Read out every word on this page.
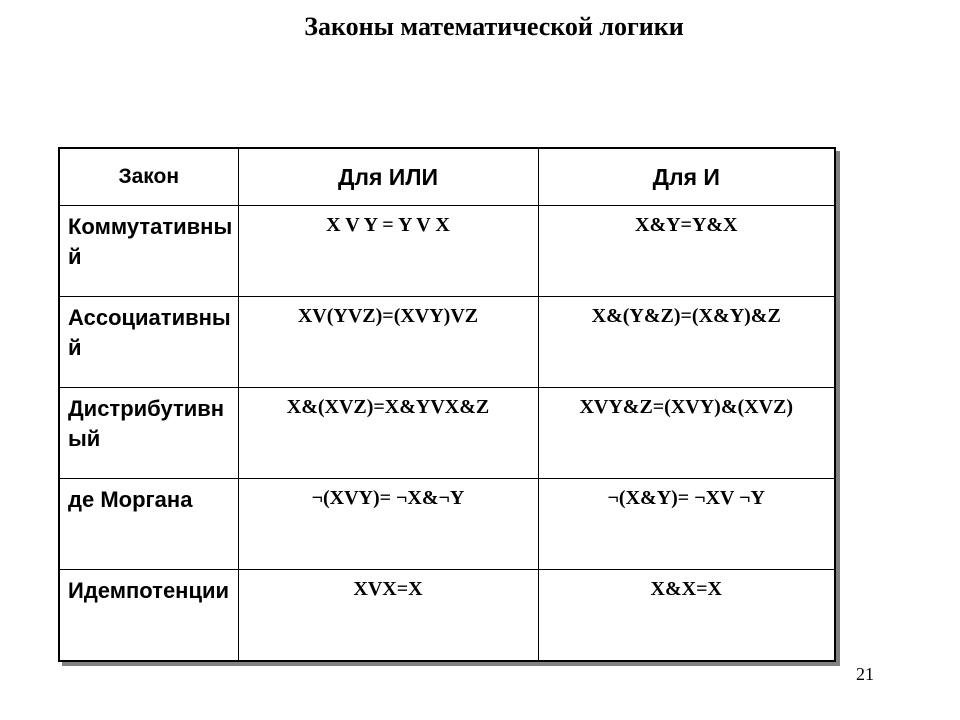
Законы математической логики
Закон	Для ИЛИ	Для И
Коммутативный	X V Y = Y V X	X&Y=Y&X
Ассоциативный	XV(YVZ)=(XVY)VZ	X&(Y&Z)=(X&Y)&Z
Дистрибутивный	X&(XVZ)=X&YVX&Z	XVY&Z=(XVY)&(XVZ)
де Моргана	¬(XVY)= ¬X&¬Y	¬(X&Y)= ¬XV ¬Y
Идемпотенции	XVX=X	X&X=X
21
